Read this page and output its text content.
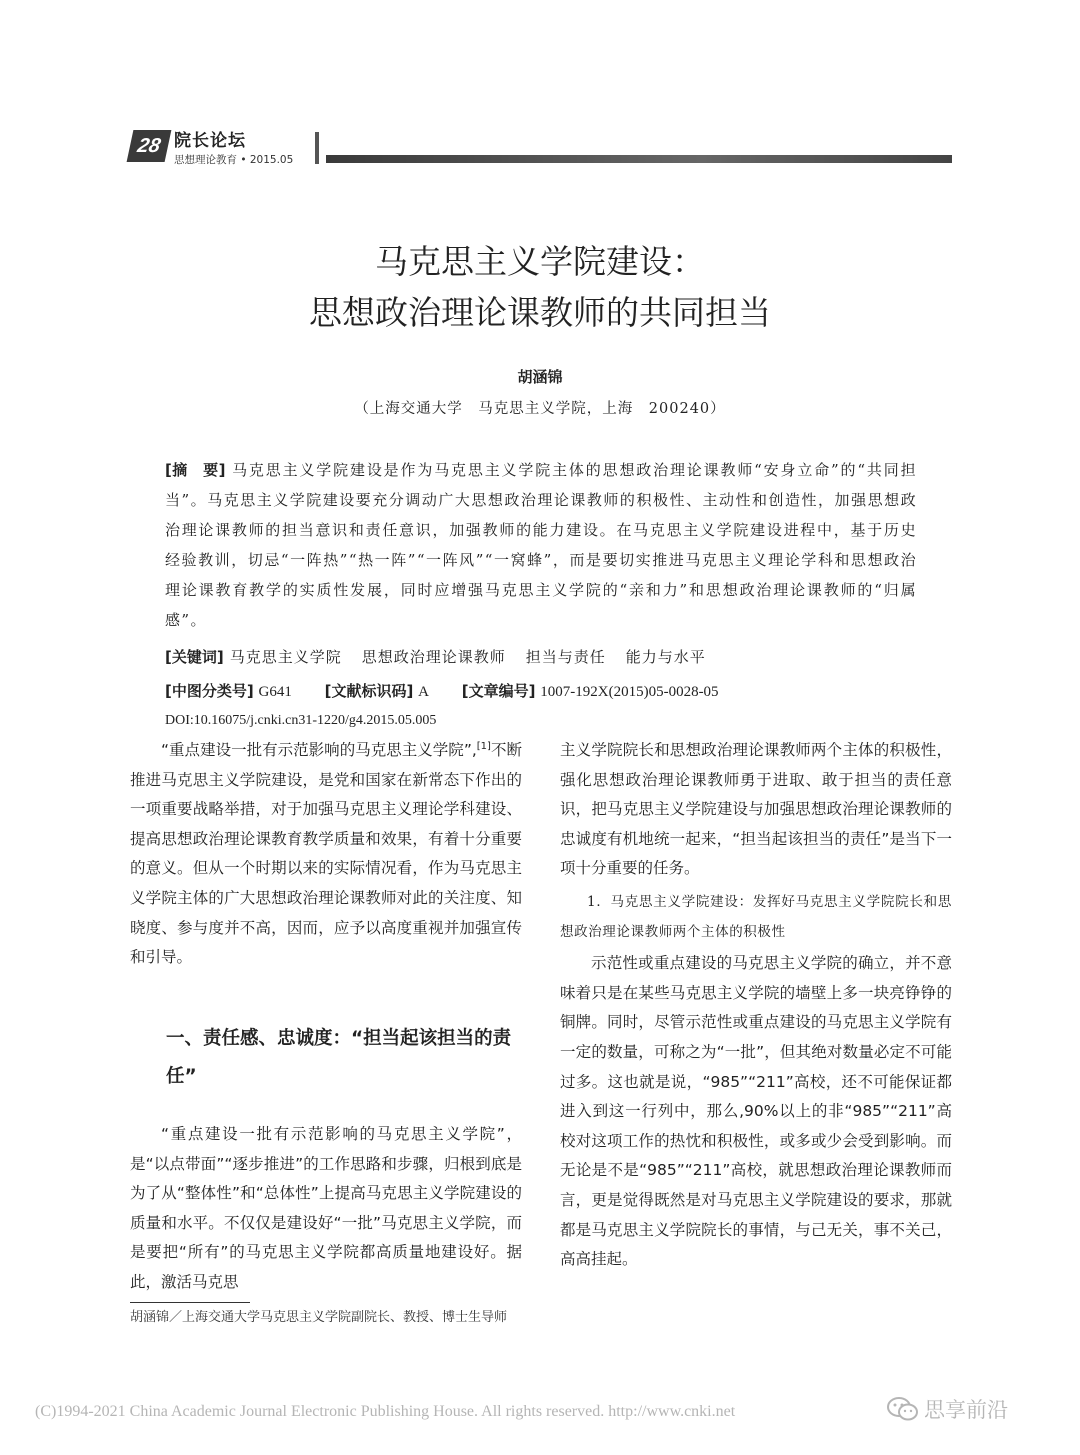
28 院长论坛
思想理论教育 • 2015.05
马克思主义学院建设：
思想政治理论课教师的共同担当
胡涵锦
（上海交通大学　马克思主义学院，上海　200240）
[摘　要] 马克思主义学院建设是作为马克思主义学院主体的思想政治理论课教师“安身立命”的“共同担当”。马克思主义学院建设要充分调动广大思想政治理论课教师的积极性、主动性和创造性，加强思想政治理论课教师的担当意识和责任意识，加强教师的能力建设。在马克思主义学院建设进程中，基于历史经验教训，切忌“一阵热”“热一阵”“一阵风”“一窝蜂”，而是要切实推进马克思主义理论学科和思想政治理论课教育教学的实质性发展，同时应增强马克思主义学院的“亲和力”和思想政治理论课教师的“归属感”。
[关键词] 马克思主义学院 思想政治理论课教师 担当与责任 能力与水平
[中图分类号] G641 [文献标识码] A [文章编号] 1007-192X(2015)05-0028-05
DOI:10.16075/j.cnki.cn31-1220/g4.2015.05.005

“重点建设一批有示范影响的马克思主义学院”,[1]不断推进马克思主义学院建设，是党和国家在新常态下作出的一项重要战略举措，对于加强马克思主义理论学科建设、提高思想政治理论课教育教学质量和效果，有着十分重要的意义。但从一个时期以来的实际情况看，作为马克思主义学院主体的广大思想政治理论课教师对此的关注度、知晓度、参与度并不高，因而，应予以高度重视并加强宣传和引导。

一、责任感、忠诚度：“担当起该担当的责任”

“重点建设一批有示范影响的马克思主义学院”，是“以点带面”“逐步推进”的工作思路和步骤，归根到底是为了从“整体性”和“总体性”上提高马克思主义学院建设的质量和水平。不仅仅是建设好“一批”马克思主义学院，而是要把“所有”的马克思主义学院都高质量地建设好。据此，激活马克思

主义学院院长和思想政治理论课教师两个主体的积极性，强化思想政治理论课教师勇于进取、敢于担当的责任意识，把马克思主义学院建设与加强思想政治理论课教师的忠诚度有机地统一起来，“担当起该担当的责任”是当下一项十分重要的任务。

1．马克思主义学院建设：发挥好马克思主义学院院长和思想政治理论课教师两个主体的积极性

示范性或重点建设的马克思主义学院的确立，并不意味着只是在某些马克思主义学院的墙壁上多一块亮铮铮的铜牌。同时，尽管示范性或重点建设的马克思主义学院有一定的数量，可称之为“一批”，但其绝对数量必定不可能过多。这也就是说，“985”“211”高校，还不可能保证都进入到这一行列中，那么,90%以上的非“985”“211”高校对这项工作的热忱和积极性，或多或少会受到影响。而无论是不是“985”“211”高校，就思想政治理论课教师而言，更是觉得既然是对马克思主义学院建设的要求，那就都是马克思主义学院院长的事情，与己无关，事不关己，高高挂起。

胡涵锦／上海交通大学马克思主义学院副院长、教授、博士生导师
(C)1994-2021 China Academic Journal Electronic Publishing House. All rights reserved. http://www.cnki.net	思享前沿
